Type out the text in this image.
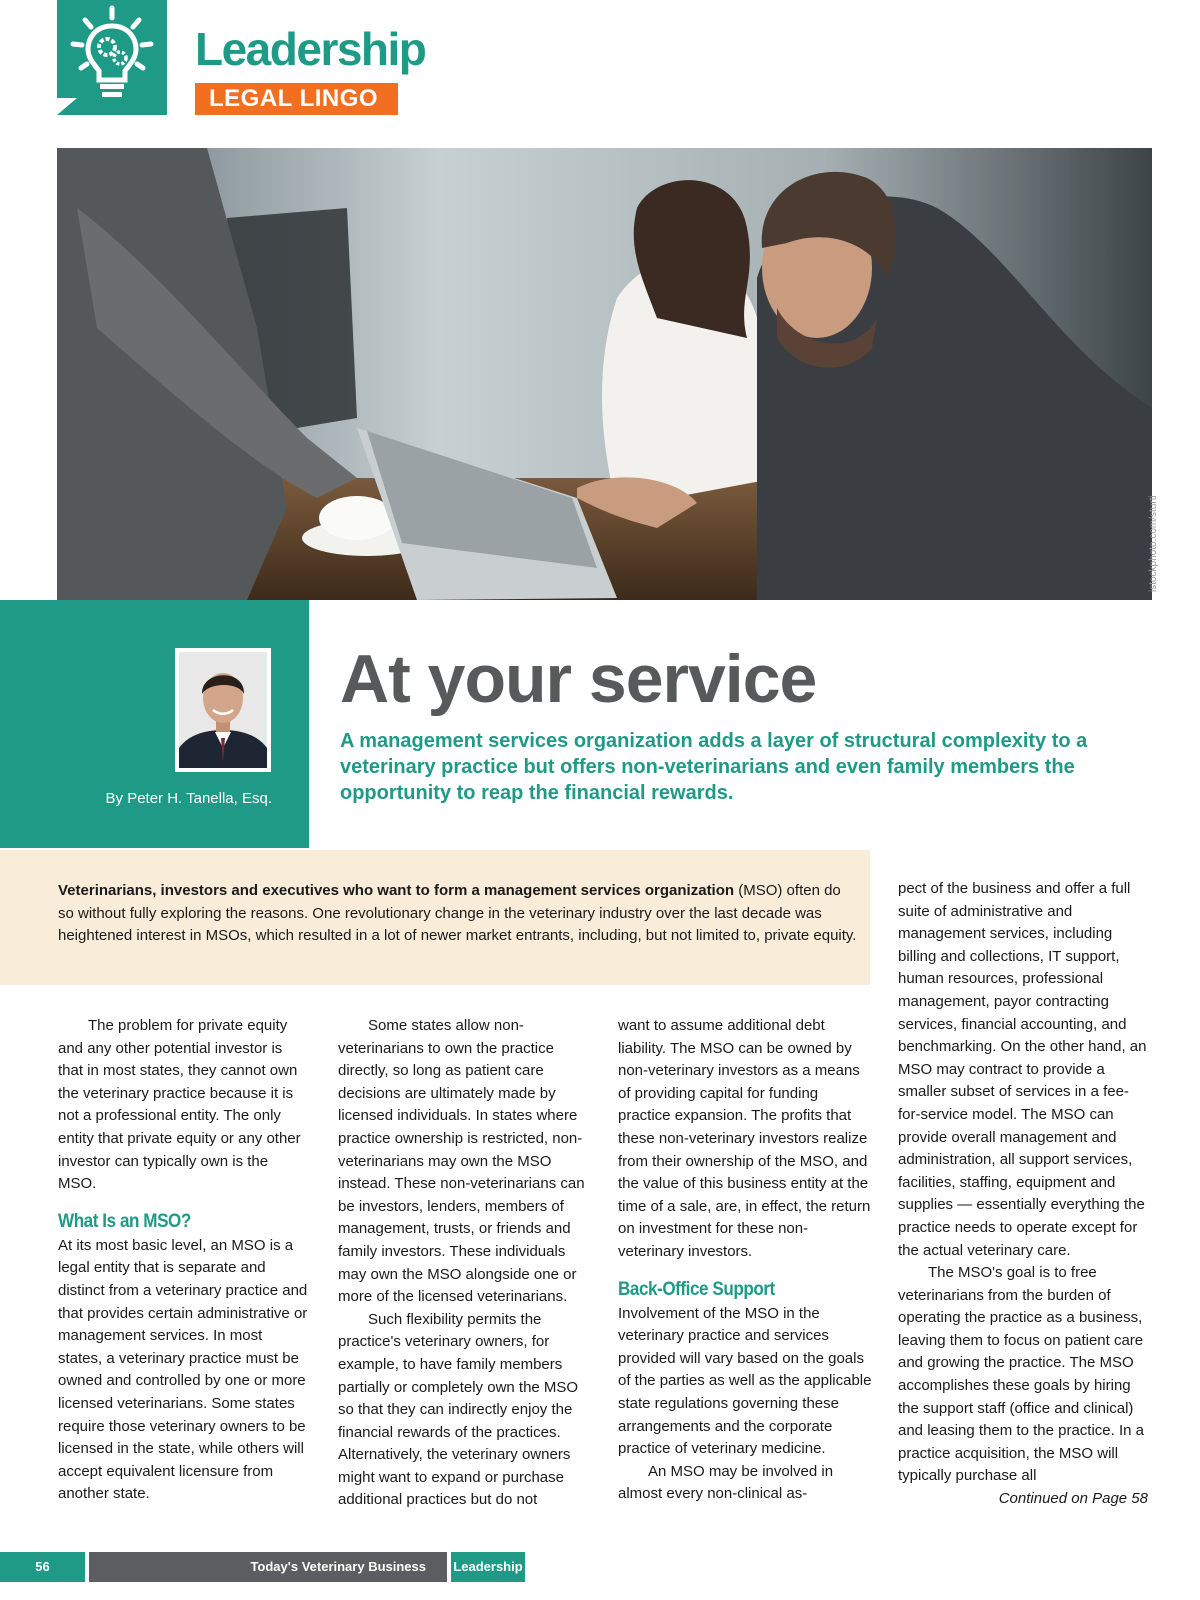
Leadership
LEGAL LINGO
istockphoto.com/sturti
By Peter H. Tanella, Esq.
At your service
A management services organization adds a layer of structural complexity to a veterinary practice but offers non-veterinarians and even family members the opportunity to reap the financial rewards.
Veterinarians, investors and executives who want to form a management services organization (MSO) often do so without fully exploring the reasons. One revolutionary change in the veterinary industry over the last decade was heightened interest in MSOs, which resulted in a lot of newer market entrants, including, but not limited to, private equity.

The problem for private equity and any other potential investor is that in most states, they cannot own the veterinary practice because it is not a professional entity. The only entity that private equity or any other investor can typically own is the MSO.

What Is an MSO?

At its most basic level, an MSO is a legal entity that is separate and distinct from a veterinary practice and that provides certain administrative or management services. In most states, a veterinary practice must be owned and controlled by one or more licensed veterinarians. Some states require those veterinary owners to be licensed in the state, while others will accept equivalent licensure from another state.

Some states allow non-veterinarians to own the practice directly, so long as patient care decisions are ultimately made by licensed individuals. In states where practice ownership is restricted, non-veterinarians may own the MSO instead. These non-veterinarians can be investors, lenders, members of management, trusts, or friends and family investors. These individuals may own the MSO alongside one or more of the licensed veterinarians.

Such flexibility permits the practice's veterinary owners, for example, to have family members partially or completely own the MSO so that they can indirectly enjoy the financial rewards of the practices. Alternatively, the veterinary owners might want to expand or purchase additional practices but do not

want to assume additional debt liability. The MSO can be owned by non-veterinary investors as a means of providing capital for funding practice expansion. The profits that these non-veterinary investors realize from their ownership of the MSO, and the value of this business entity at the time of a sale, are, in effect, the return on investment for these non-veterinary investors.

Back-Office Support

Involvement of the MSO in the veterinary practice and services provided will vary based on the goals of the parties as well as the applicable state regulations governing these arrangements and the corporate practice of veterinary medicine.

An MSO may be involved in almost every non-clinical as-

pect of the business and offer a full suite of administrative and management services, including billing and collections, IT support, human resources, professional management, payor contracting services, financial accounting, and benchmarking. On the other hand, an MSO may contract to provide a smaller subset of services in a fee-for-service model. The MSO can provide overall management and administration, all support services, facilities, staffing, equipment and supplies — essentially everything the practice needs to operate except for the actual veterinary care.

The MSO's goal is to free veterinarians from the burden of operating the practice as a business, leaving them to focus on patient care and growing the practice. The MSO accomplishes these goals by hiring the support staff (office and clinical) and leasing them to the practice. In a practice acquisition, the MSO will typically purchase all

Continued on Page 58
56	Today's Veterinary Business	Leadership
